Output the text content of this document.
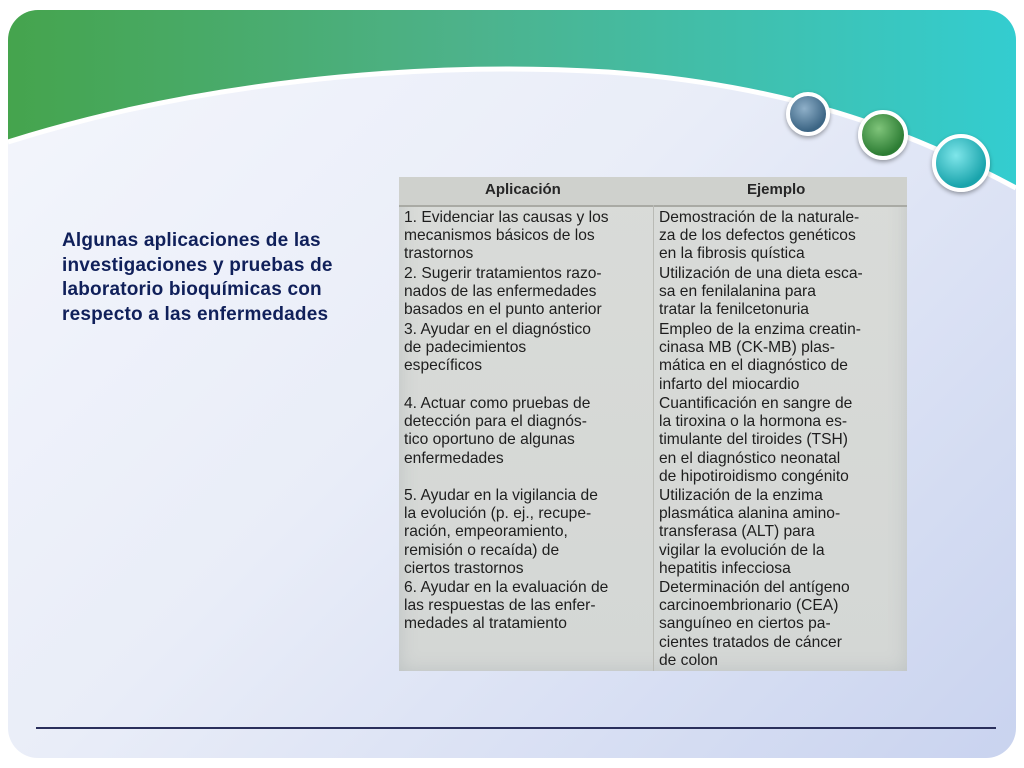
Algunas aplicaciones de las investigaciones y pruebas de laboratorio bioquímicas con respecto a las enfermedades
Aplicación	Ejemplo
1. Evidenciar las causas y los
mecanismos básicos de los
trastornos
Demostración de la naturale-
za de los defectos genéticos
en la fibrosis quística
2. Sugerir tratamientos razo-
nados de las enfermedades
basados en el punto anterior
Utilización de una dieta esca-
sa en fenilalanina para
tratar la fenilcetonuria
3. Ayudar en el diagnóstico
de padecimientos
específicos
Empleo de la enzima creatin-
cinasa MB (CK-MB) plas-
mática en el diagnóstico de
infarto del miocardio
4. Actuar como pruebas de
detección para el diagnós-
tico oportuno de algunas
enfermedades
Cuantificación en sangre de
la tiroxina o la hormona es-
timulante del tiroides (TSH)
en el diagnóstico neonatal
de hipotiroidismo congénito
5. Ayudar en la vigilancia de
la evolución (p. ej., recupe-
ración, empeoramiento,
remisión o recaída) de
ciertos trastornos
Utilización de la enzima
plasmática alanina amino-
transferasa (ALT) para
vigilar la evolución de la
hepatitis infecciosa
6. Ayudar en la evaluación de
las respuestas de las enfer-
medades al tratamiento
Determinación del antígeno
carcinoembrionario (CEA)
sanguíneo en ciertos pa-
cientes tratados de cáncer
de colon
